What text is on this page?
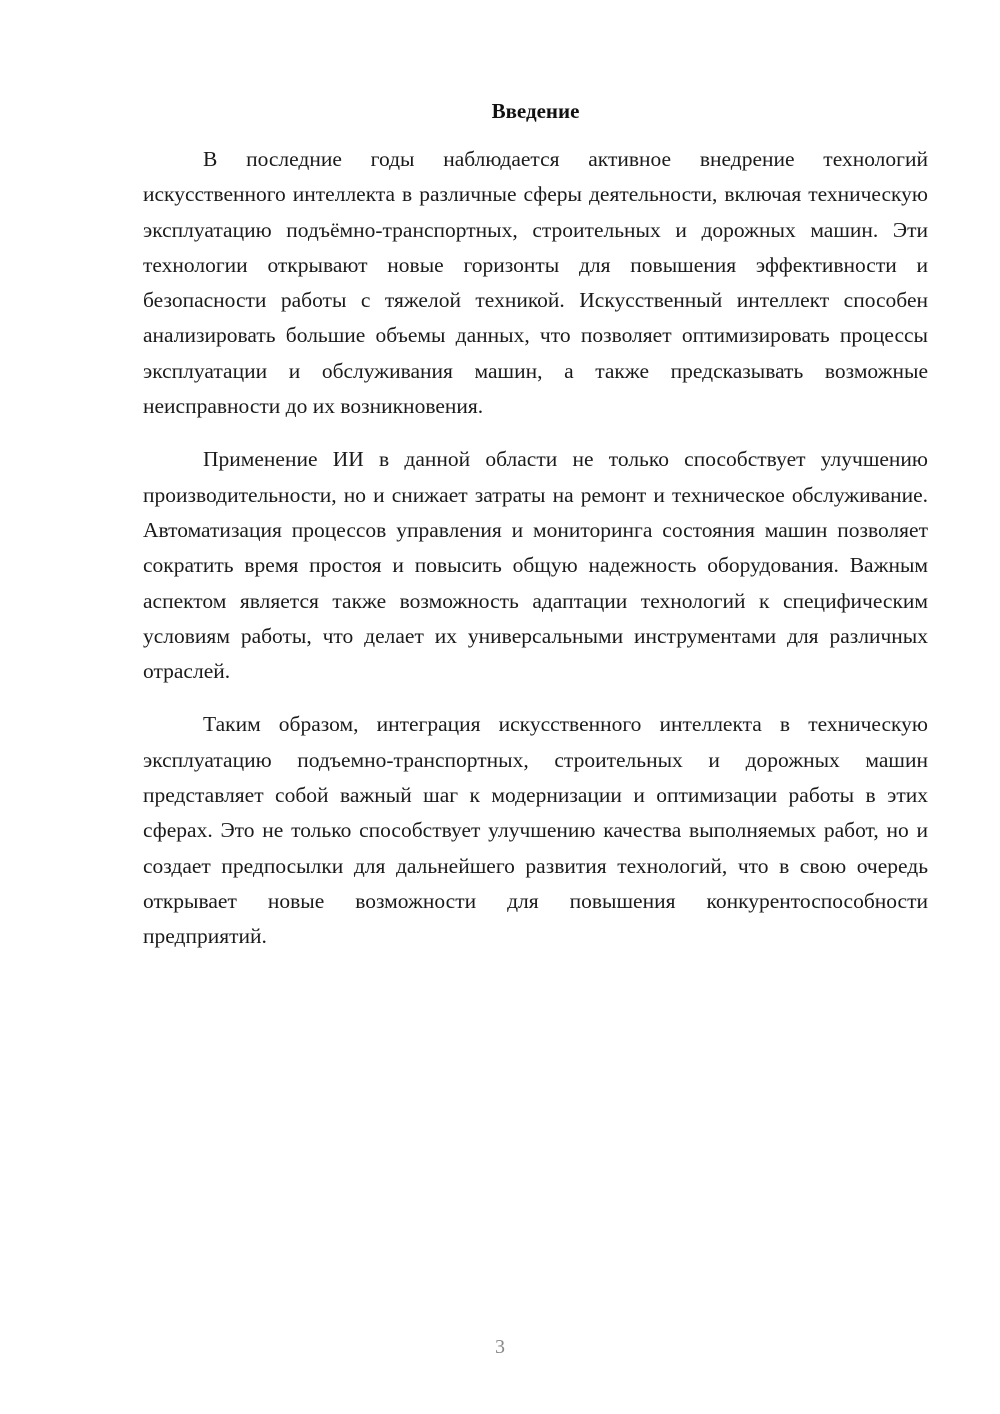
Введение

В последние годы наблюдается активное внедрение технологий искусственного интеллекта в различные сферы деятельности, включая техническую эксплуатацию подъёмно-транспортных, строительных и дорожных машин. Эти технологии открывают новые горизонты для повышения эффективности и безопасности работы с тяжелой техникой. Искусственный интеллект способен анализировать большие объемы данных, что позволяет оптимизировать процессы эксплуатации и обслуживания машин, а также предсказывать возможные неисправности до их возникновения.

Применение ИИ в данной области не только способствует улучшению производительности, но и снижает затраты на ремонт и техническое обслуживание. Автоматизация процессов управления и мониторинга состояния машин позволяет сократить время простоя и повысить общую надежность оборудования. Важным аспектом является также возможность адаптации технологий к специфическим условиям работы, что делает их универсальными инструментами для различных отраслей.

Таким образом, интеграция искусственного интеллекта в техническую эксплуатацию подъемно-транспортных, строительных и дорожных машин представляет собой важный шаг к модернизации и оптимизации работы в этих сферах. Это не только способствует улучшению качества выполняемых работ, но и создает предпосылки для дальнейшего развития технологий, что в свою очередь открывает новые возможности для повышения конкурентоспособности предприятий.

3
